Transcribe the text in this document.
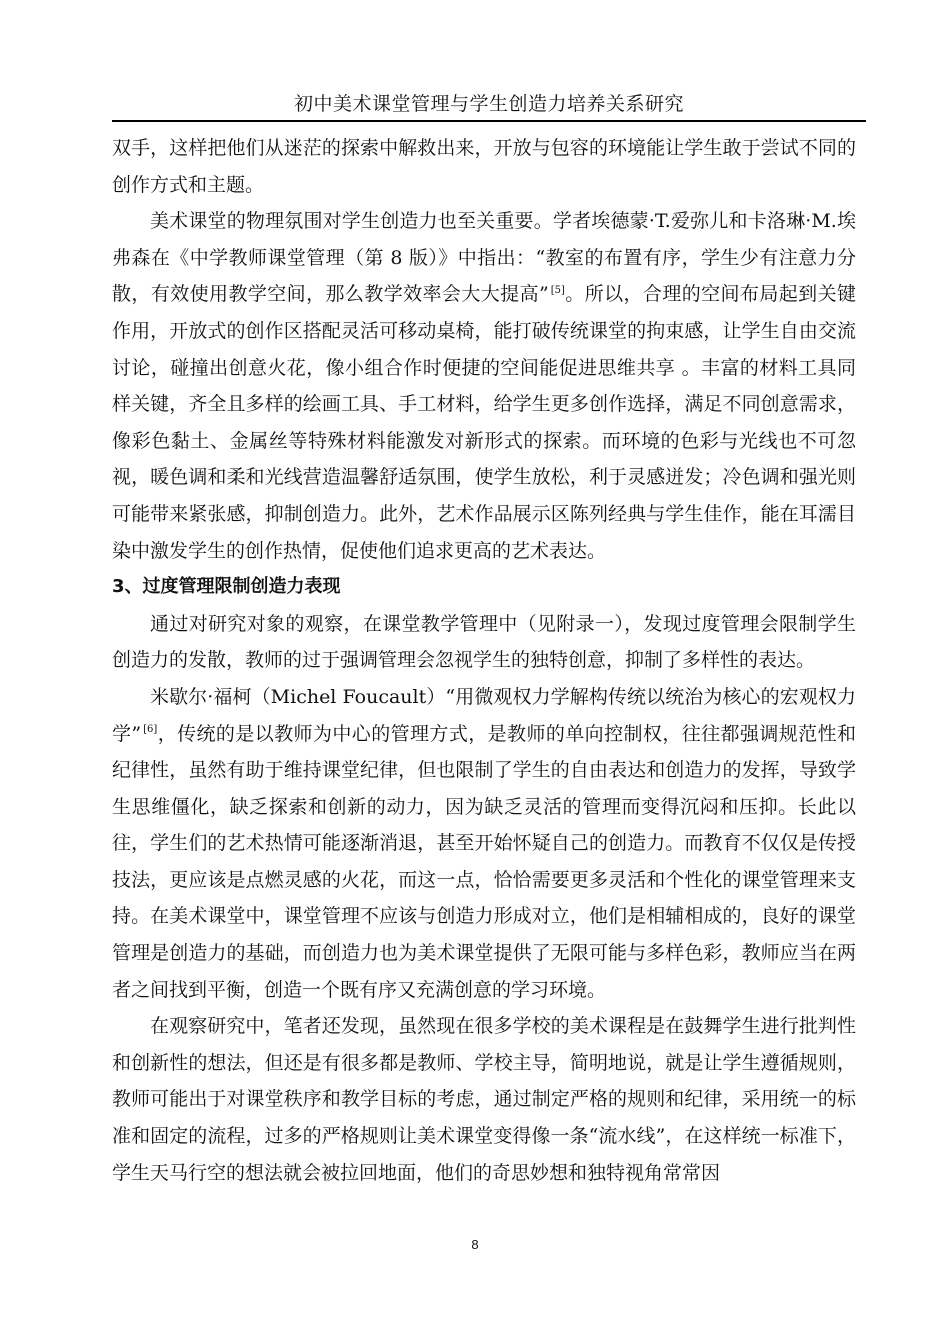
初中美术课堂管理与学生创造力培养关系研究

双手，这样把他们从迷茫的探索中解救出来，开放与包容的环境能让学生敢于尝试不同的创作方式和主题。

美术课堂的物理氛围对学生创造力也至关重要。学者埃德蒙·T.爱弥儿和卡洛琳·M.埃弗森在《中学教师课堂管理（第 8 版）》中指出：“教室的布置有序，学生少有注意力分散，有效使用教学空间，那么教学效率会大大提高” [5]。所以，合理的空间布局起到关键作用，开放式的创作区搭配灵活可移动桌椅，能打破传统课堂的拘束感，让学生自由交流讨论，碰撞出创意火花，像小组合作时便捷的空间能促进思维共享 。丰富的材料工具同样关键，齐全且多样的绘画工具、手工材料，给学生更多创作选择，满足不同创意需求，像彩色黏土、金属丝等特殊材料能激发对新形式的探索。而环境的色彩与光线也不可忽视，暖色调和柔和光线营造温馨舒适氛围，使学生放松，利于灵感迸发；冷色调和强光则可能带来紧张感，抑制创造力。此外，艺术作品展示区陈列经典与学生佳作，能在耳濡目染中激发学生的创作热情，促使他们追求更高的艺术表达。

3、过度管理限制创造力表现

通过对研究对象的观察，在课堂教学管理中（见附录一），发现过度管理会限制学生创造力的发散，教师的过于强调管理会忽视学生的独特创意，抑制了多样性的表达。

米歇尔·福柯（Michel Foucault）“用微观权力学解构传统以统治为核心的宏观权力学” [6]，传统的是以教师为中心的管理方式，是教师的单向控制权，往往都强调规范性和纪律性，虽然有助于维持课堂纪律，但也限制了学生的自由表达和创造力的发挥，导致学生思维僵化，缺乏探索和创新的动力，因为缺乏灵活的管理而变得沉闷和压抑。长此以往，学生们的艺术热情可能逐渐消退，甚至开始怀疑自己的创造力。而教育不仅仅是传授技法，更应该是点燃灵感的火花，而这一点，恰恰需要更多灵活和个性化的课堂管理来支持。在美术课堂中，课堂管理不应该与创造力形成对立，他们是相辅相成的，良好的课堂管理是创造力的基础，而创造力也为美术课堂提供了无限可能与多样色彩，教师应当在两者之间找到平衡，创造一个既有序又充满创意的学习环境。

在观察研究中，笔者还发现，虽然现在很多学校的美术课程是在鼓舞学生进行批判性和创新性的想法，但还是有很多都是教师、学校主导，简明地说，就是让学生遵循规则，教师可能出于对课堂秩序和教学目标的考虑，通过制定严格的规则和纪律，采用统一的标准和固定的流程，过多的严格规则让美术课堂变得像一条“流水线”，在这样统一标准下，学生天马行空的想法就会被拉回地面，他们的奇思妙想和独特视角常常因

8
